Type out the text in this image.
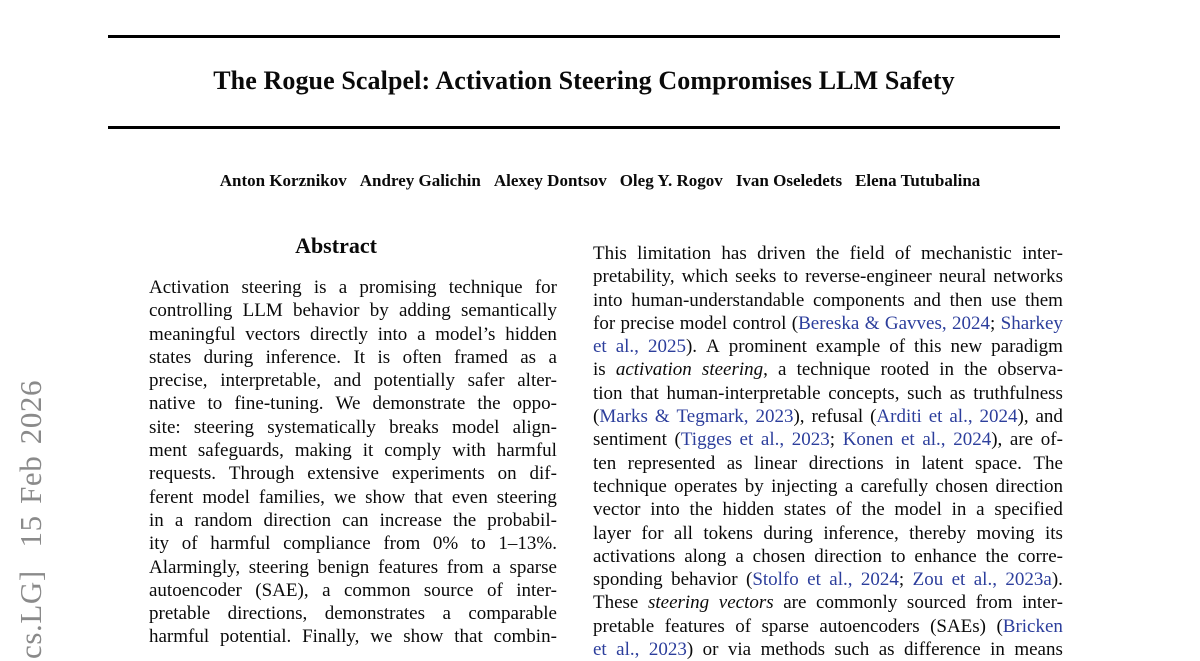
cs.LG]  15 Feb 2026
The Rogue Scalpel: Activation Steering Compromises LLM Safety
Anton Korznikov Andrey Galichin Alexey Dontsov Oleg Y. Rogov Ivan Oseledets Elena Tutubalina
Abstract
Activation steering is a promising technique for
controlling LLM behavior by adding semantically
meaningful vectors directly into a model’s hidden
states during inference. It is often framed as a
precise, interpretable, and potentially safer alter-
native to fine-tuning. We demonstrate the oppo-
site: steering systematically breaks model align-
ment safeguards, making it comply with harmful
requests. Through extensive experiments on dif-
ferent model families, we show that even steering
in a random direction can increase the probabil-
ity of harmful compliance from 0% to 1–13%.
Alarmingly, steering benign features from a sparse
autoencoder (SAE), a common source of inter-
pretable directions, demonstrates a comparable
harmful potential. Finally, we show that combin-
This limitation has driven the field of mechanistic inter-
pretability, which seeks to reverse-engineer neural networks
into human-understandable components and then use them
for precise model control (Bereska & Gavves, 2024; Sharkey
et al., 2025). A prominent example of this new paradigm
is activation steering, a technique rooted in the observa-
tion that human-interpretable concepts, such as truthfulness
(Marks & Tegmark, 2023), refusal (Arditi et al., 2024), and
sentiment (Tigges et al., 2023; Konen et al., 2024), are of-
ten represented as linear directions in latent space. The
technique operates by injecting a carefully chosen direction
vector into the hidden states of the model in a specified
layer for all tokens during inference, thereby moving its
activations along a chosen direction to enhance the corre-
sponding behavior (Stolfo et al., 2024; Zou et al., 2023a).
These steering vectors are commonly sourced from inter-
pretable features of sparse autoencoders (SAEs) (Bricken
et al., 2023) or via methods such as difference in means
